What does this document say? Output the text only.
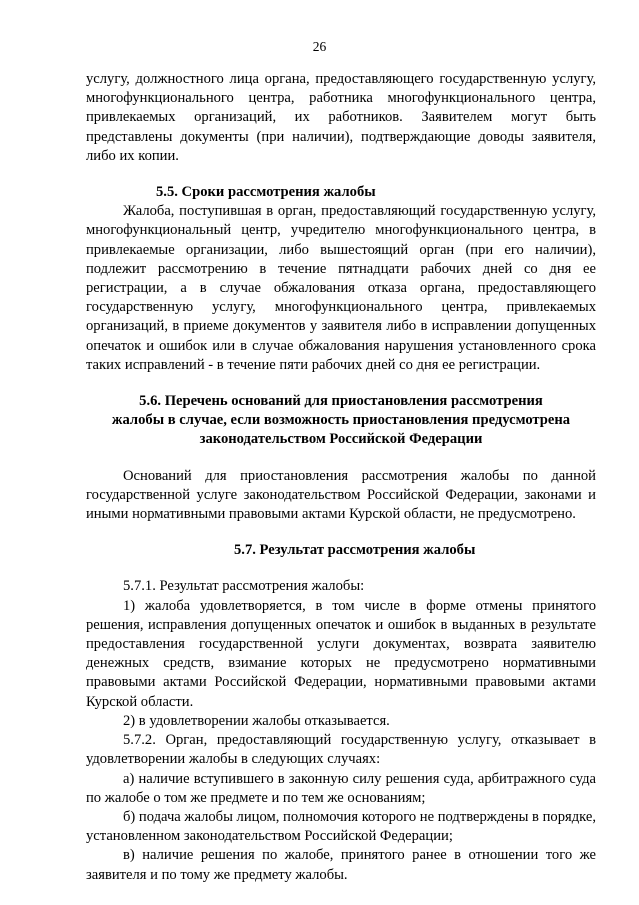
26

услугу, должностного лица органа, предоставляющего государственную услугу, многофункционального центра, работника многофункционального центра, привлекаемых организаций, их работников. Заявителем могут быть представлены документы (при наличии), подтверждающие доводы заявителя, либо их копии.

5.5. Сроки рассмотрения жалобы

Жалоба, поступившая в орган, предоставляющий государственную услугу, многофункциональный центр, учредителю многофункционального центра, в привлекаемые организации, либо вышестоящий орган (при его наличии), подлежит рассмотрению в течение пятнадцати рабочих дней со дня ее регистрации, а в случае обжалования отказа органа, предоставляющего государственную услугу, многофункционального центра, привлекаемых организаций, в приеме документов у заявителя либо в исправлении допущенных опечаток и ошибок или в случае обжалования нарушения установленного срока таких исправлений - в течение пяти рабочих дней со дня ее регистрации.

5.6. Перечень оснований для приостановления рассмотрения
жалобы в случае, если возможность приостановления предусмотрена
законодательством Российской Федерации

Оснований для приостановления рассмотрения жалобы по данной государственной услуге законодательством Российской Федерации, законами и иными нормативными правовыми актами Курской области, не предусмотрено.

5.7. Результат рассмотрения жалобы

5.7.1. Результат рассмотрения жалобы:

1) жалоба удовлетворяется, в том числе в форме отмены принятого решения, исправления допущенных опечаток и ошибок в выданных в результате предоставления государственной услуги документах, возврата заявителю денежных средств, взимание которых не предусмотрено нормативными правовыми актами Российской Федерации, нормативными правовыми актами Курской области.

2) в удовлетворении жалобы отказывается.

5.7.2. Орган, предоставляющий государственную услугу, отказывает в удовлетворении жалобы в следующих случаях:

а) наличие вступившего в законную силу решения суда, арбитражного суда по жалобе о том же предмете и по тем же основаниям;

б) подача жалобы лицом, полномочия которого не подтверждены в порядке, установленном законодательством Российской Федерации;

в) наличие решения по жалобе, принятого ранее в отношении того же заявителя и по тому же предмету жалобы.
